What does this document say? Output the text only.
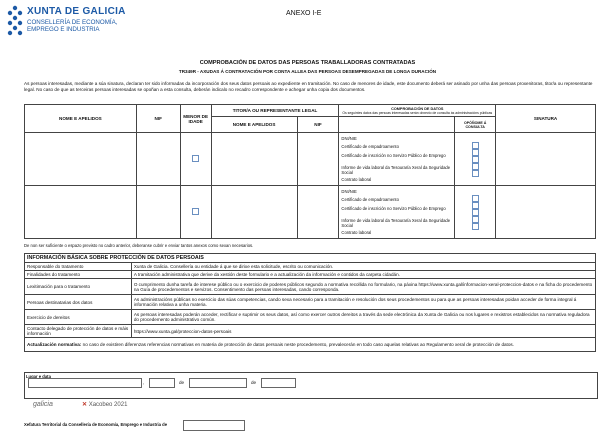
XUNTA DE GALICIA
CONSELLERÍA DE ECONOMÍA,
EMPREGO E INDUSTRIA
ANEXO I-E
COMPROBACIÓN DE DATOS DAS PERSOAS TRABALLADORAS CONTRATADAS
TR349R - AXUDAS Á CONTRATACIÓN POR CONTA ALLEA DAS PERSOAS DESEMPREGADAS DE LONGA DURACIÓN
As persoas interesadas, mediante a súa sinatura, declaran ter sido informadas da incorporación dos seus datos persoais ao expediente en tramitación. No caso de menores de idade, este documento deberá ser asinado por unha das persoas proxenitoras, titor/a ou representante legal. No caso de que as terceiras persoas interesadas se opoñan a esta consulta, deberán indicalo no recadro correspondente e achegar unha copia dos documentos.
NOME E APELIDOS	NIF	MENOR DE IDADE	TITOR/A OU REPRESENTANTE LEGAL		COMPROBACIÓN DE DATOS
Os seguintes datos das persoas interesadas serán obxecto de consulta ás administracións públicas		SINATURA
			NOME E APELIDOS	NIF		OPÓÑOME Á CONSULTA	

					DNI/NIE
Certificado de empadroamento
Certificado de inscrición no Servizo Público de Emprego
Informe de vida laboral da Tesouraría Xeral da Seguridade Social
Contrato laboral		

					DNI/NIE
Certificado de empadroamento
Certificado de inscrición no Servizo Público de Emprego
Informe de vida laboral da Tesouraría Xeral da Seguridade Social
Contrato laboral		

De non ser suficiente o espazo previsto no cadro anterior, deberanse cubrir e enviar tantos anexos como sexan necesarios.
INFORMACIÓN BÁSICA SOBRE PROTECCIÓN DE DATOS PERSOAIS	
Responsable do tratamento	Xunta de Galicia. Consellería ou entidade á que se dirixe esta solicitude, escrito ou comunicación.
Finalidades do tratamento	A tramitación administrativa que derive da xestión deste formulario e a actualización da información e contidos da carpeta cidadán.
Lexitimación para o tratamento	O cumprimento dunha tarefa de interese público ou o exercicio de poderes públicos segundo a normativa recollida no formulario, na páxina https://www.xunta.gal/informacion-xeral-proteccion-datos e na ficha do procedemento na Guía de procedementos e servizos. Consentimento das persoas interesadas, cando corresponda.
Persoas destinatarias dos datos	As administracións públicas no exercicio das súas competencias, cando sexa necesario para a tramitación e resolución dos seus procedementos ou para que as persoas interesadas poidan acceder de forma integral á información relativa a unha materia.
Exercicio de dereitos	As persoas interesadas poderán acceder, rectificar e suprimir os seus datos, así como exercer outros dereitos a través da sede electrónica da Xunta de Galicia ou nos lugares e rexistros establecidos na normativa reguladora do procedemento administrativo común.
Contacto delegado de protección de datos e máis información	https://www.xunta.gal/proteccion-datos-persoais
Actualización normativa: no caso de existiren diferenzas referencias normativas en materia de protección de datos persoais neste procedemento, prevalecerán en todo caso aquelas relativas ao Regulamento xeral de protección de datos.	
Lugar e data
,	de	de
galicia	✕ Xacobeo 2021
Xefatura Territorial da Consellería de Economía, Emprego e Industria de
